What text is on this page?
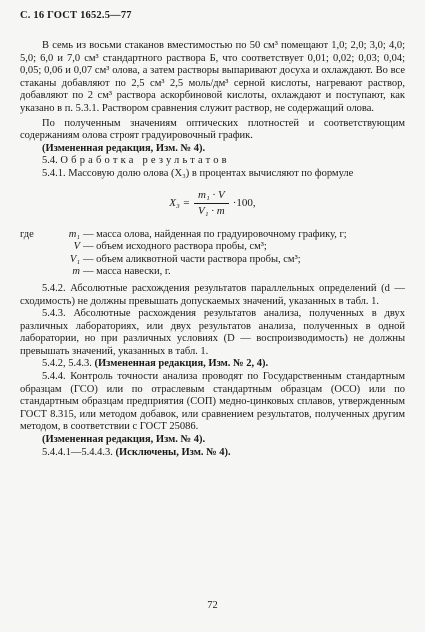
С. 16 ГОСТ 1652.5—77

В семь из восьми стаканов вместимостью по 50 см³ помещают 1,0; 2,0; 3,0; 4,0; 5,0; 6,0 и 7,0 см³ стандартного раствора Б, что соответствует 0,01; 0,02; 0,03; 0,04; 0,05; 0,06 и 0,07 см³ олова, а затем растворы выпаривают досуха и охлаждают. Во все стаканы добавляют по 2,5 см³ 2,5 моль/дм³ серной кислоты, нагревают раствор, добавляют по 2 см³ раствора аскорбиновой кислоты, охлаждают и поступают, как указано в п. 5.3.1. Раствором сравнения служит раствор, не содержащий олова.

По полученным значениям оптических плотностей и соответствующим содержаниям олова строят градуировочный график.

(Измененная редакция, Изм. № 4).

5.4. Обработка результатов

5.4.1. Массовую долю олова (X₃) в процентах вычисляют по формуле

$X_3 = \frac{\text{m₁ · V}}{\text{V₁ · m}} \cdot 100$,
где	m₁ — масса олова, найденная по градуировочному графику, г;
V — объем исходного раствора пробы, см³;
V₁ — объем аликвотной части раствора пробы, см³;
m — масса навески, г.

5.4.2. Абсолютные расхождения результатов параллельных определений (d — сходимость) не должны превышать допускаемых значений, указанных в табл. 1.

5.4.3. Абсолютные расхождения результатов анализа, полученных в двух различных лабораториях, или двух результатов анализа, полученных в одной лаборатории, но при различных условиях (D — воспроизводимость) не должны превышать значений, указанных в табл. 1.

5.4.2, 5.4.3. (Измененная редакция, Изм. № 2, 4).

5.4.4. Контроль точности анализа проводят по Государственным стандартным образцам (ГСО) или по отраслевым стандартным образцам (ОСО) или по стандартным образцам предприятия (СОП) медно-цинковых сплавов, утвержденным ГОСТ 8.315, или методом добавок, или сравнением результатов, полученных другим методом, в соответствии с ГОСТ 25086.

(Измененная редакция, Изм. № 4).

5.4.4.1—5.4.4.3. (Исключены, Изм. № 4).

72
